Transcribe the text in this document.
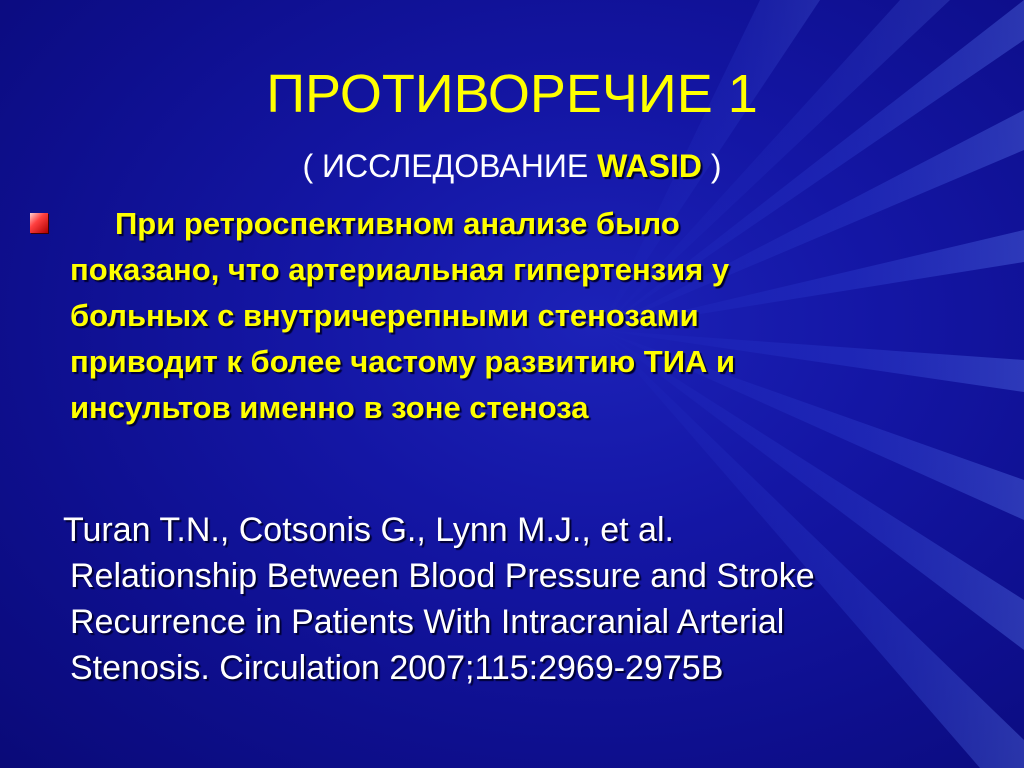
ПРОТИВОРЕЧИЕ 1
( ИССЛЕДОВАНИЕ WASID )
При ретроспективном анализе было
показано, что артериальная гипертензия у
больных с внутричерепными стенозами
приводит к более частому развитию ТИА и
инсультов именно в зоне стеноза
Turan T.N., Cotsonis G., Lynn M.J., et al.
Relationship Between Blood Pressure and Stroke
Recurrence in Patients With Intracranial Arterial
Stenosis. Circulation 2007;115:2969-2975B
